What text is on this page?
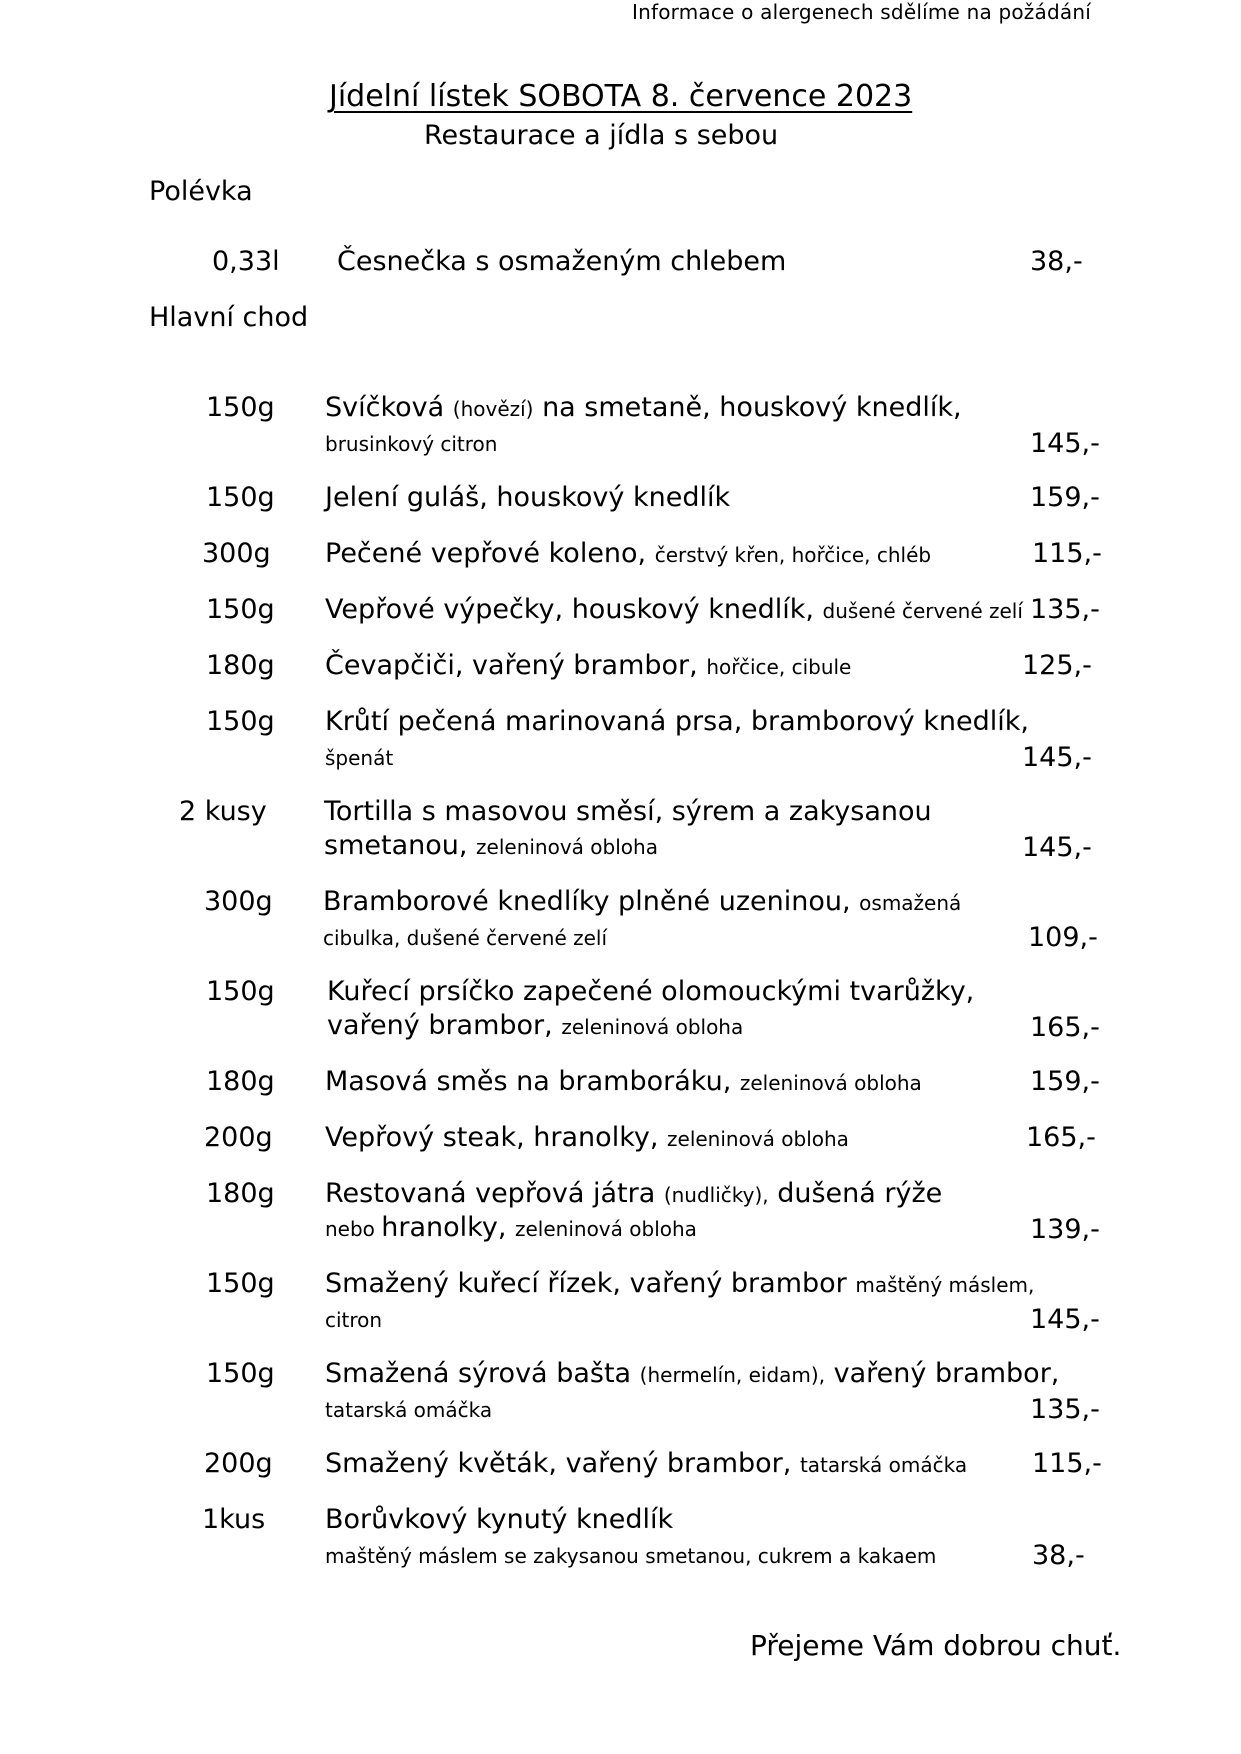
Informace o alergenech sdělíme na požádání
Jídelní lístek SOBOTA 8. července 2023
Restaurace a jídla s sebou
Polévka
0,33l Česnečka s osmaženým chlebem	38,-
Hlavní chod
150g Svíčková (hovězí) na smetaně, houskový knedlík,
brusinkový citron	145,-
150g Jelení guláš, houskový knedlík	159,-
300g Pečené vepřové koleno, čerstvý křen, hořčice, chléb	115,-
150g Vepřové výpečky, houskový knedlík, dušené červené zelí 135,-
180g Čevapčiči, vařený brambor, hořčice, cibule	125,-
150g Krůtí pečená marinovaná prsa, bramborový knedlík,
špenát	145,-
2 kusy Tortilla s masovou směsí, sýrem a zakysanou
smetanou, zeleninová obloha	145,-
300g Bramborové knedlíky plněné uzeninou, osmažená
cibulka, dušené červené zelí	109,-
150g Kuřecí prsíčko zapečené olomouckými tvarůžky,
vařený brambor, zeleninová obloha	165,-
180g Masová směs na bramboráku, zeleninová obloha	159,-
200g Vepřový steak, hranolky, zeleninová obloha	165,-
180g Restovaná vepřová játra (nudličky), dušená rýže
nebo hranolky, zeleninová obloha	139,-
150g Smažený kuřecí řízek, vařený brambor maštěný máslem,
citron	145,-
150g Smažená sýrová bašta (hermelín, eidam), vařený brambor,
tatarská omáčka	135,-
200g Smažený květák, vařený brambor, tatarská omáčka 115,-
1kus Borůvkový kynutý knedlík
maštěný máslem se zakysanou smetanou, cukrem a kakaem	38,-
Přejeme Vám dobrou chuť.
